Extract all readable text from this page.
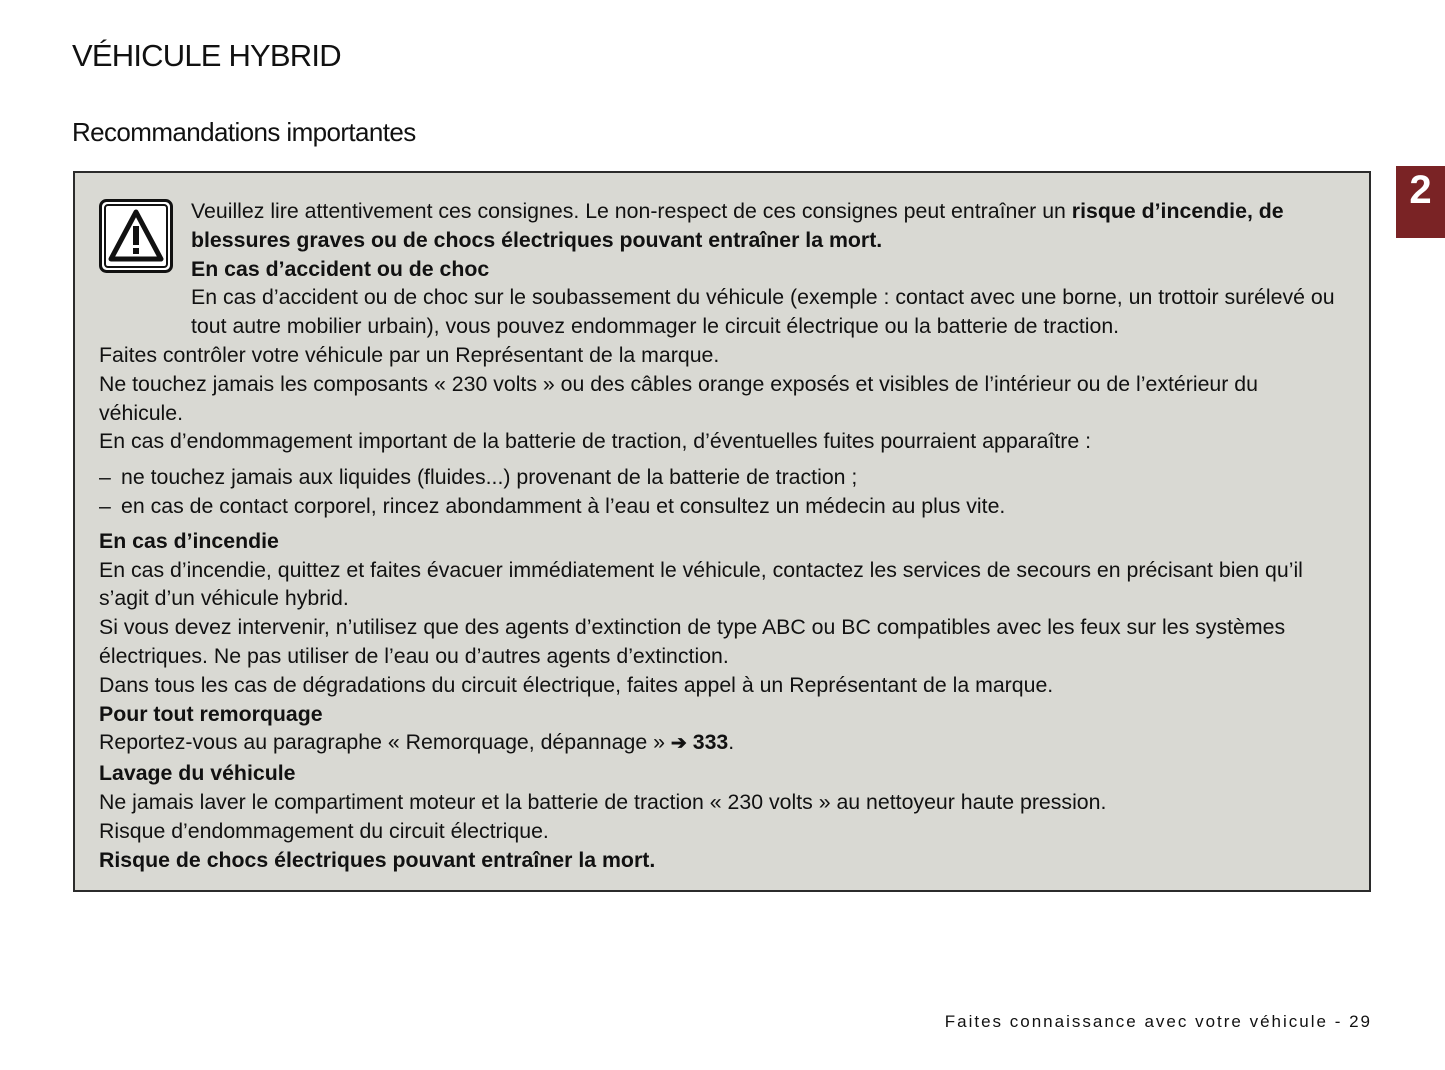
VÉHICULE HYBRID
Recommandations importantes
2

Veuillez lire attentivement ces consignes. Le non-respect de ces consignes peut entraîner un risque d’incendie, de blessures graves ou de chocs électriques pouvant entraîner la mort.

En cas d’accident ou de choc

En cas d’accident ou de choc sur le soubassement du véhicule (exemple : contact avec une borne, un trottoir surélevé ou tout autre mobilier urbain), vous pouvez endommager le circuit électrique ou la batterie de traction.

Faites contrôler votre véhicule par un Représentant de la marque.

Ne touchez jamais les composants « 230 volts » ou des câbles orange exposés et visibles de l’intérieur ou de l’extérieur du véhicule.

En cas d’endommagement important de la batterie de traction, d’éventuelles fuites pourraient apparaître :

– ne touchez jamais aux liquides (fluides...) provenant de la batterie de traction ;
– en cas de contact corporel, rincez abondamment à l’eau et consultez un médecin au plus vite.

En cas d’incendie

En cas d’incendie, quittez et faites évacuer immédiatement le véhicule, contactez les services de secours en précisant bien qu’il s’agit d’un véhicule hybrid.

Si vous devez intervenir, n’utilisez que des agents d’extinction de type ABC ou BC compatibles avec les feux sur les systèmes électriques. Ne pas utiliser de l’eau ou d’autres agents d’extinction.

Dans tous les cas de dégradations du circuit électrique, faites appel à un Représentant de la marque.

Pour tout remorquage

Reportez-vous au paragraphe « Remorquage, dépannage » ➔ 333.

Lavage du véhicule

Ne jamais laver le compartiment moteur et la batterie de traction « 230 volts » au nettoyeur haute pression.

Risque d’endommagement du circuit électrique.

Risque de chocs électriques pouvant entraîner la mort.

Faites connaissance avec votre véhicule - 29
